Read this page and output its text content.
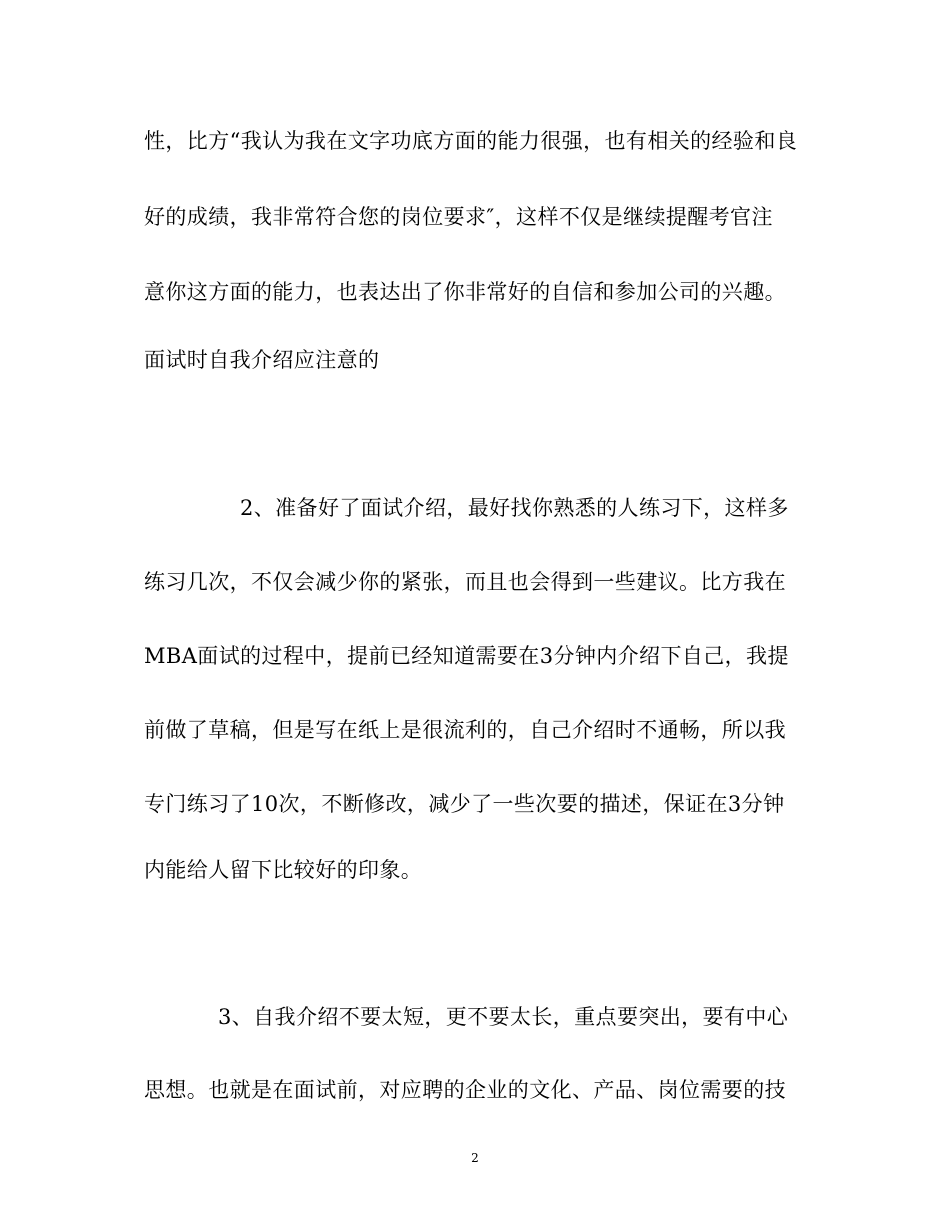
性，比方“我认为我在文字功底方面的能力很强，也有相关的经验和良
好的成绩，我非常符合您的岗位要求″，这样不仅是继续提醒考官注
意你这方面的能力，也表达出了你非常好的自信和参加公司的兴趣。
面试时自我介绍应注意的
2、准备好了面试介绍，最好找你熟悉的人练习下，这样多
练习几次，不仅会减少你的紧张，而且也会得到一些建议。比方我在
MBA面试的过程中，提前已经知道需要在3分钟内介绍下自己，我提
前做了草稿，但是写在纸上是很流利的，自己介绍时不通畅，所以我
专门练习了10次，不断修改，减少了一些次要的描述，保证在3分钟
内能给人留下比较好的印象。
3、自我介绍不要太短，更不要太长，重点要突出，要有中心
思想。也就是在面试前，对应聘的企业的文化、产品、岗位需要的技
2
